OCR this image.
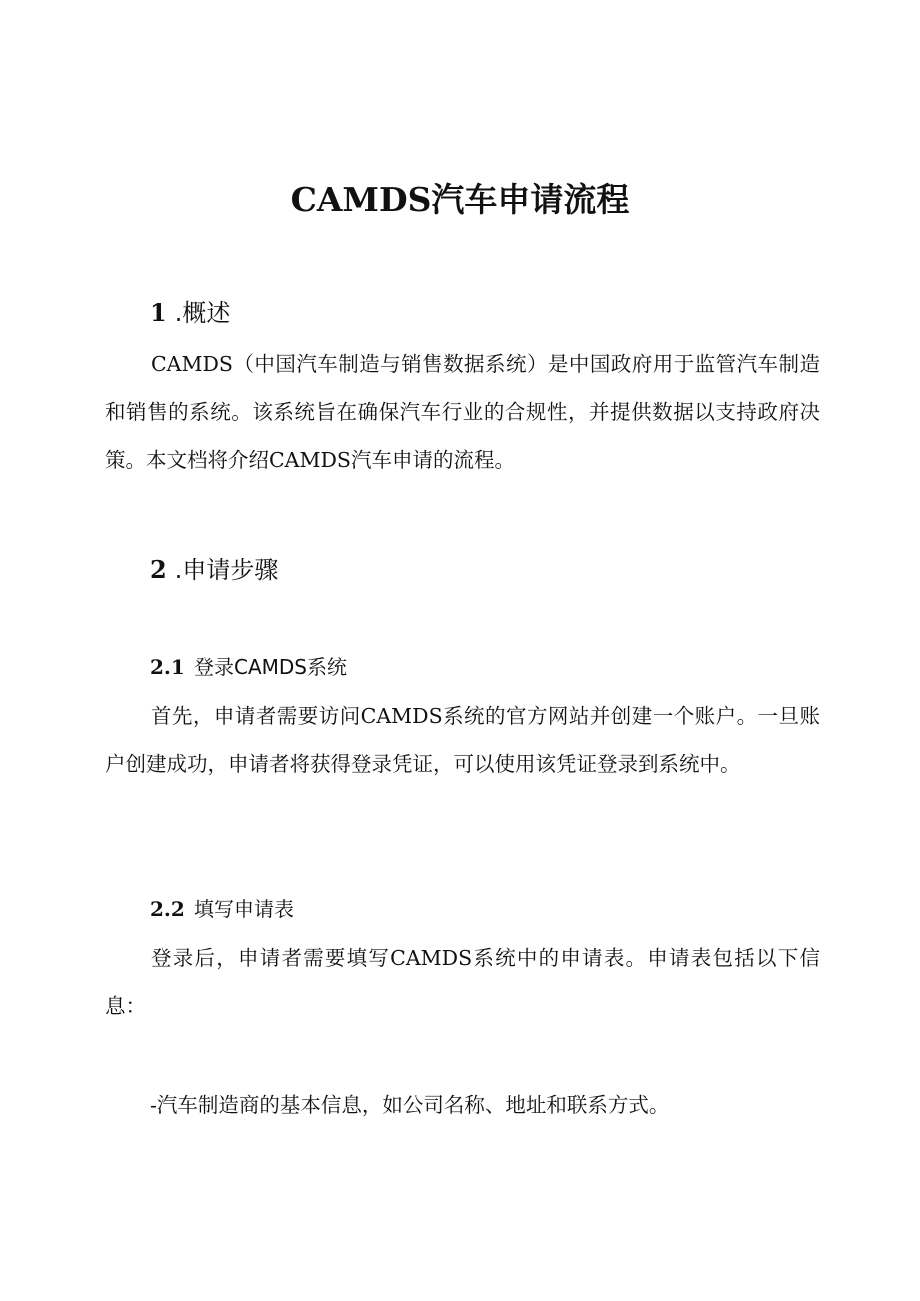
CAMDS汽车申请流程
1 .概述

CAMDS（中国汽车制造与销售数据系统）是中国政府用于监管汽车制造和销售的系统。该系统旨在确保汽车行业的合规性，并提供数据以支持政府决策。本文档将介绍CAMDS汽车申请的流程。

2 .申请步骤
2.1 登录CAMDS系统

首先，申请者需要访问CAMDS系统的官方网站并创建一个账户。一旦账户创建成功，申请者将获得登录凭证，可以使用该凭证登录到系统中。

2.2 填写申请表

登录后，申请者需要填写CAMDS系统中的申请表。申请表包括以下信息：

-汽车制造商的基本信息，如公司名称、地址和联系方式。
